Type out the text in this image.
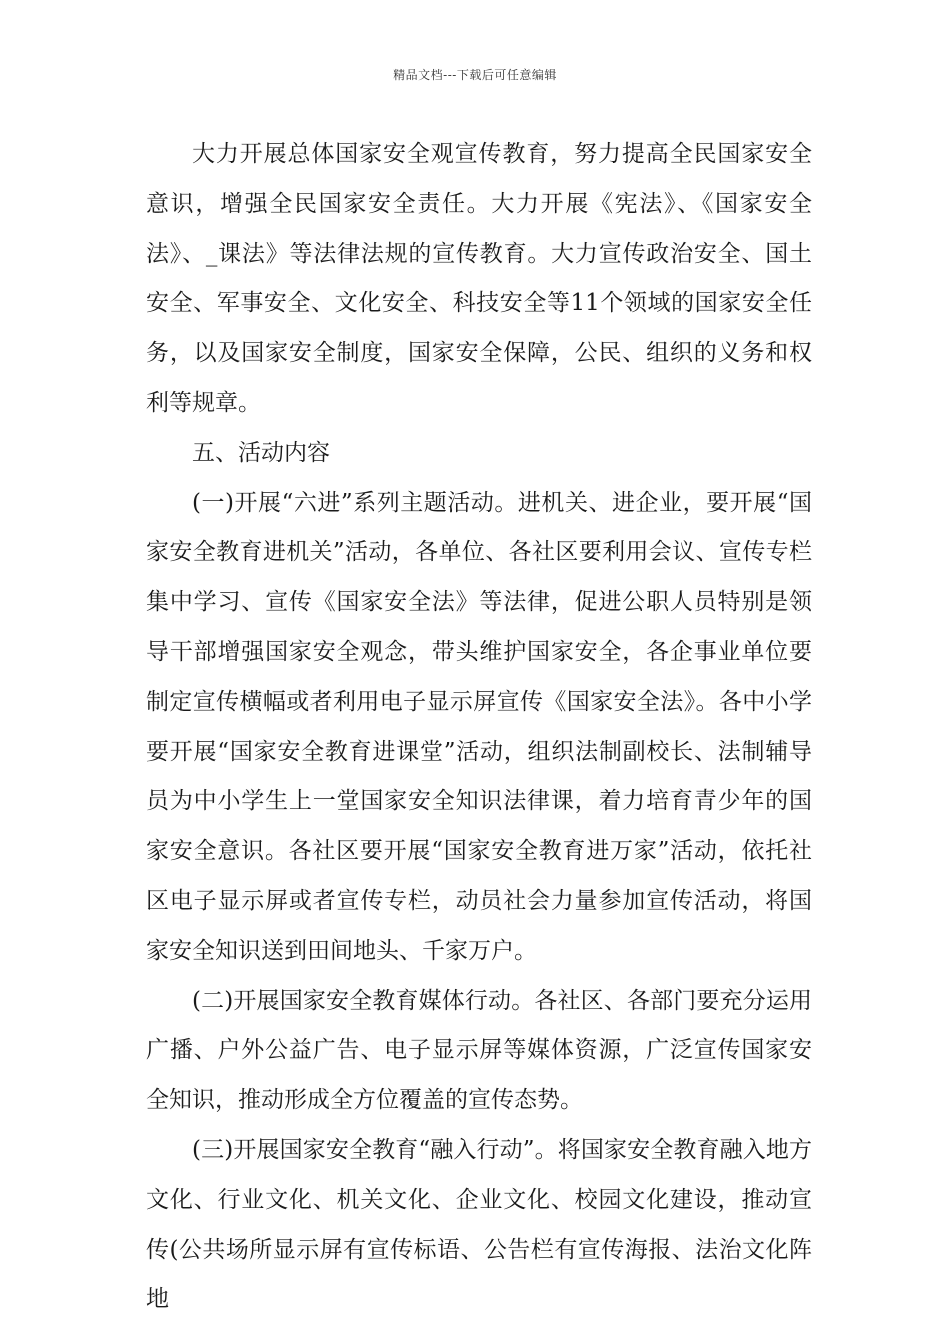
精品文档---下载后可任意编辑

大力开展总体国家安全观宣传教育，努力提高全民国家安全意识，增强全民国家安全责任。大力开展《宪法》、《国家安全法》、_课法》等法律法规的宣传教育。大力宣传政治安全、国土安全、军事安全、文化安全、科技安全等11个领域的国家安全任务，以及国家安全制度，国家安全保障，公民、组织的义务和权利等规章。

五、活动内容

(一)开展“六进”系列主题活动。进机关、进企业，要开展“国家安全教育进机关”活动，各单位、各社区要利用会议、宣传专栏集中学习、宣传《国家安全法》等法律，促进公职人员特别是领导干部增强国家安全观念，带头维护国家安全，各企事业单位要制定宣传横幅或者利用电子显示屏宣传《国家安全法》。各中小学要开展“国家安全教育进课堂”活动，组织法制副校长、法制辅导员为中小学生上一堂国家安全知识法律课，着力培育青少年的国家安全意识。各社区要开展“国家安全教育进万家”活动，依托社区电子显示屏或者宣传专栏，动员社会力量参加宣传活动，将国家安全知识送到田间地头、千家万户。

(二)开展国家安全教育媒体行动。各社区、各部门要充分运用广播、户外公益广告、电子显示屏等媒体资源，广泛宣传国家安全知识，推动形成全方位覆盖的宣传态势。

(三)开展国家安全教育“融入行动”。将国家安全教育融入地方文化、行业文化、机关文化、企业文化、校园文化建设，推动宣传(公共场所显示屏有宣传标语、公告栏有宣传海报、法治文化阵地
